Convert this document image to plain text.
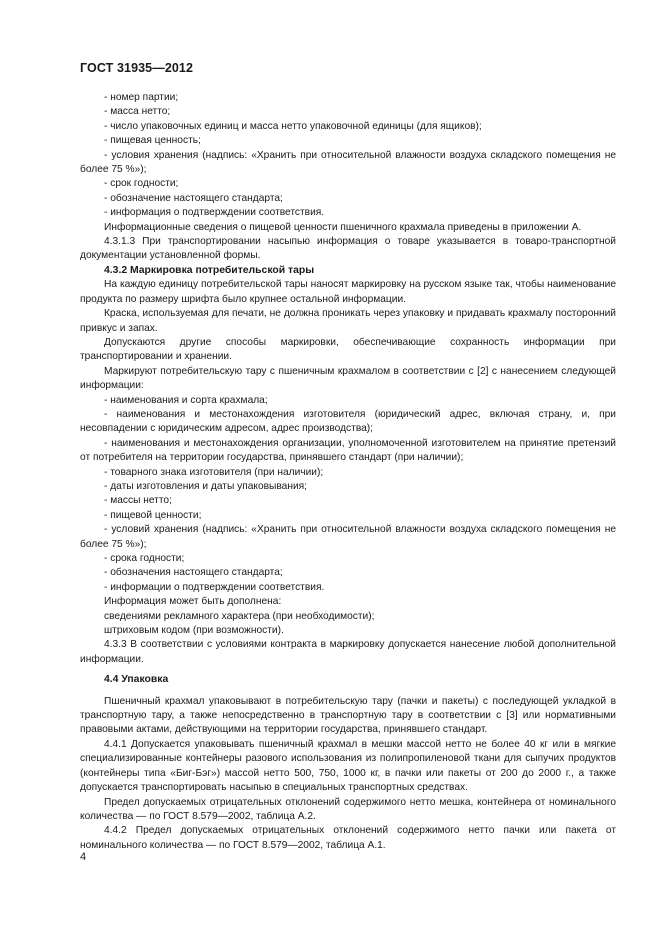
ГОСТ 31935—2012

- номер партии;

- масса нетто;

- число упаковочных единиц и масса нетто упаковочной единицы (для ящиков);

- пищевая ценность;

- условия хранения (надпись: «Хранить при относительной влажности воздуха складского помещения не более 75 %»);

- срок годности;

- обозначение настоящего стандарта;

- информация о подтверждении соответствия.

Информационные сведения о пищевой ценности пшеничного крахмала приведены в приложении А.

4.3.1.3 При транспортировании насыпью информация о товаре указывается в товаро-транспортной документации установленной формы.

4.3.2 Маркировка потребительской тары

На каждую единицу потребительской тары наносят маркировку на русском языке так, чтобы наименование продукта по размеру шрифта было крупнее остальной информации.

Краска, используемая для печати, не должна проникать через упаковку и придавать крахмалу посторонний привкус и запах.

Допускаются другие способы маркировки, обеспечивающие сохранность информации при транспортировании и хранении.

Маркируют потребительскую тару с пшеничным крахмалом в соответствии с [2] с нанесением следующей информации:

- наименования и сорта крахмала;

- наименования и местонахождения изготовителя (юридический адрес, включая страну, и, при несовпадении с юридическим адресом, адрес производства);

- наименования и местонахождения организации, уполномоченной изготовителем на принятие претензий от потребителя на территории государства, принявшего стандарт (при наличии);

- товарного знака изготовителя (при наличии);

- даты изготовления и даты упаковывания;

- массы нетто;

- пищевой ценности;

- условий хранения (надпись: «Хранить при относительной влажности воздуха складского помещения не более 75 %»);

- срока годности;

- обозначения настоящего стандарта;

- информации о подтверждении соответствия.

Информация может быть дополнена:

сведениями рекламного характера (при необходимости);

штриховым кодом (при возможности).

4.3.3 В соответствии с условиями контракта в маркировку допускается нанесение любой дополнительной информации.

4.4 Упаковка

Пшеничный крахмал упаковывают в потребительскую тару (пачки и пакеты) с последующей укладкой в транспортную тару, а также непосредственно в транспортную тару в соответствии с [3] или нормативными правовыми актами, действующими на территории государства, принявшего стандарт.

4.4.1 Допускается упаковывать пшеничный крахмал в мешки массой нетто не более 40 кг или в мягкие специализированные контейнеры разового использования из полипропиленовой ткани для сыпучих продуктов (контейнеры типа «Биг-Бэг») массой нетто 500, 750, 1000 кг, в пачки или пакеты от 200 до 2000 г., а также допускается транспортировать насыпью в специальных транспортных средствах.

Предел допускаемых отрицательных отклонений содержимого нетто мешка, контейнера от номинального количества — по ГОСТ 8.579—2002, таблица А.2.

4.4.2 Предел допускаемых отрицательных отклонений содержимого нетто пачки или пакета от номинального количества — по ГОСТ 8.579—2002, таблица А.1.

4
